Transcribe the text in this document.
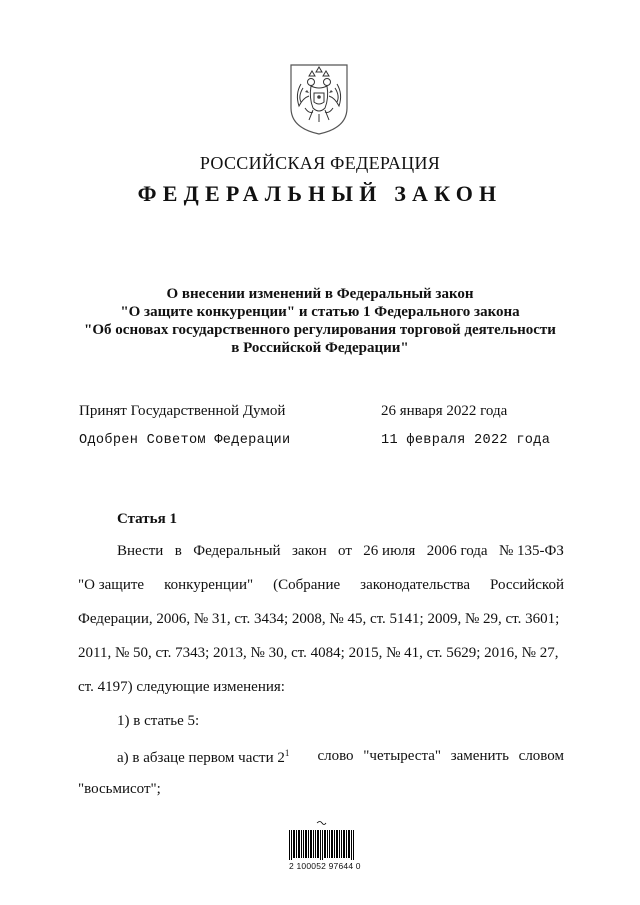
РОССИЙСКАЯ ФЕДЕРАЦИЯ
ФЕДЕРАЛЬНЫЙ ЗАКОН
О внесении изменений в Федеральный закон
"О защите конкуренции" и статью 1 Федерального закона
"Об основах государственного регулирования торговой деятельности
в Российской Федерации"
Принят Государственной Думой	26 января 2022 года
Одобрен Советом Федерации	11 февраля 2022 года
Статья 1
Внести в Федеральный закон от 26 июля 2006 года № 135-ФЗ
"О защите конкуренции" (Собрание законодательства Российской
Федерации, 2006, № 31, ст. 3434; 2008, № 45, ст. 5141; 2009, № 29, ст. 3601;
2011, № 50, ст. 7343; 2013, № 30, ст. 4084; 2015, № 41, ст. 5629; 2016, № 27,
ст. 4197) следующие изменения:
1) в статье 5:
а) в абзаце первом части $2^1$ слово "четыреста" заменить словом
"восьмисот";
2 100052 97644 0
